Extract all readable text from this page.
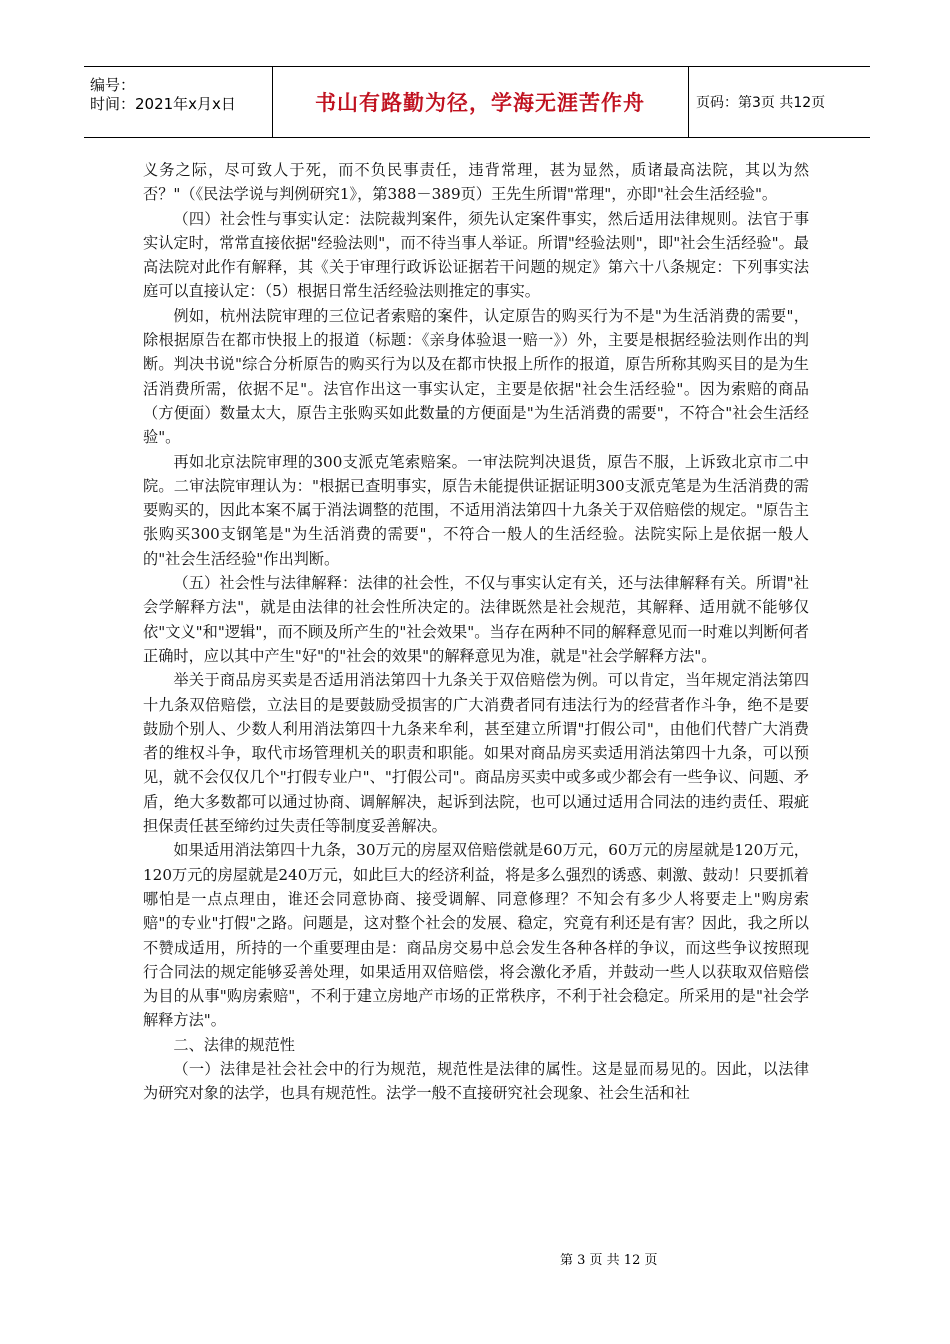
编号：
时间：2021年x月x日	书山有路勤为径，学海无涯苦作舟	页码：第3页 共12页

义务之际，尽可致人于死，而不负民事责任，违背常理，甚为显然，质诸最高法院，其以为然否？"（《民法学说与判例研究1》，第388－389页）王先生所谓"常理"，亦即"社会生活经验"。

（四）社会性与事实认定：法院裁判案件，须先认定案件事实，然后适用法律规则。法官于事实认定时，常常直接依据"经验法则"，而不待当事人举证。所谓"经验法则"，即"社会生活经验"。最高法院对此作有解释，其《关于审理行政诉讼证据若干问题的规定》第六十八条规定：下列事实法庭可以直接认定：（5）根据日常生活经验法则推定的事实。

例如，杭州法院审理的三位记者索赔的案件，认定原告的购买行为不是"为生活消费的需要"，除根据原告在都市快报上的报道（标题：《亲身体验退一赔一》）外，主要是根据经验法则作出的判断。判决书说"综合分析原告的购买行为以及在都市快报上所作的报道，原告所称其购买目的是为生活消费所需，依据不足"。法官作出这一事实认定，主要是依据"社会生活经验"。因为索赔的商品（方便面）数量太大，原告主张购买如此数量的方便面是"为生活消费的需要"，不符合"社会生活经验"。

再如北京法院审理的300支派克笔索赔案。一审法院判决退货，原告不服，上诉致北京市二中院。二审法院审理认为："根据已查明事实，原告未能提供证据证明300支派克笔是为生活消费的需要购买的，因此本案不属于消法调整的范围，不适用消法第四十九条关于双倍赔偿的规定。"原告主张购买300支钢笔是"为生活消费的需要"，不符合一般人的生活经验。法院实际上是依据一般人的"社会生活经验"作出判断。

（五）社会性与法律解释：法律的社会性，不仅与事实认定有关，还与法律解释有关。所谓"社会学解释方法"，就是由法律的社会性所决定的。法律既然是社会规范，其解释、适用就不能够仅依"文义"和"逻辑"，而不顾及所产生的"社会效果"。当存在两种不同的解释意见而一时难以判断何者正确时，应以其中产生"好"的"社会的效果"的解释意见为准，就是"社会学解释方法"。

举关于商品房买卖是否适用消法第四十九条关于双倍赔偿为例。可以肯定，当年规定消法第四十九条双倍赔偿，立法目的是要鼓励受损害的广大消费者同有违法行为的经营者作斗争，绝不是要鼓励个别人、少数人利用消法第四十九条来牟利，甚至建立所谓"打假公司"，由他们代替广大消费者的维权斗争，取代市场管理机关的职责和职能。如果对商品房买卖适用消法第四十九条，可以预见，就不会仅仅几个"打假专业户"、"打假公司"。商品房买卖中或多或少都会有一些争议、问题、矛盾，绝大多数都可以通过协商、调解解决，起诉到法院，也可以通过适用合同法的违约责任、瑕疵担保责任甚至缔约过失责任等制度妥善解决。

如果适用消法第四十九条，30万元的房屋双倍赔偿就是60万元，60万元的房屋就是120万元，120万元的房屋就是240万元，如此巨大的经济利益，将是多么强烈的诱惑、刺激、鼓动！只要抓着哪怕是一点点理由，谁还会同意协商、接受调解、同意修理？不知会有多少人将要走上"购房索赔"的专业"打假"之路。问题是，这对整个社会的发展、稳定，究竟有利还是有害？因此，我之所以不赞成适用，所持的一个重要理由是：商品房交易中总会发生各种各样的争议，而这些争议按照现行合同法的规定能够妥善处理，如果适用双倍赔偿，将会激化矛盾，并鼓动一些人以获取双倍赔偿为目的从事"购房索赔"，不利于建立房地产市场的正常秩序，不利于社会稳定。所采用的是"社会学解释方法"。

二、法律的规范性

（一）法律是社会社会中的行为规范，规范性是法律的属性。这是显而易见的。因此，以法律为研究对象的法学，也具有规范性。法学一般不直接研究社会现象、社会生活和社

第 3 页 共 12 页
